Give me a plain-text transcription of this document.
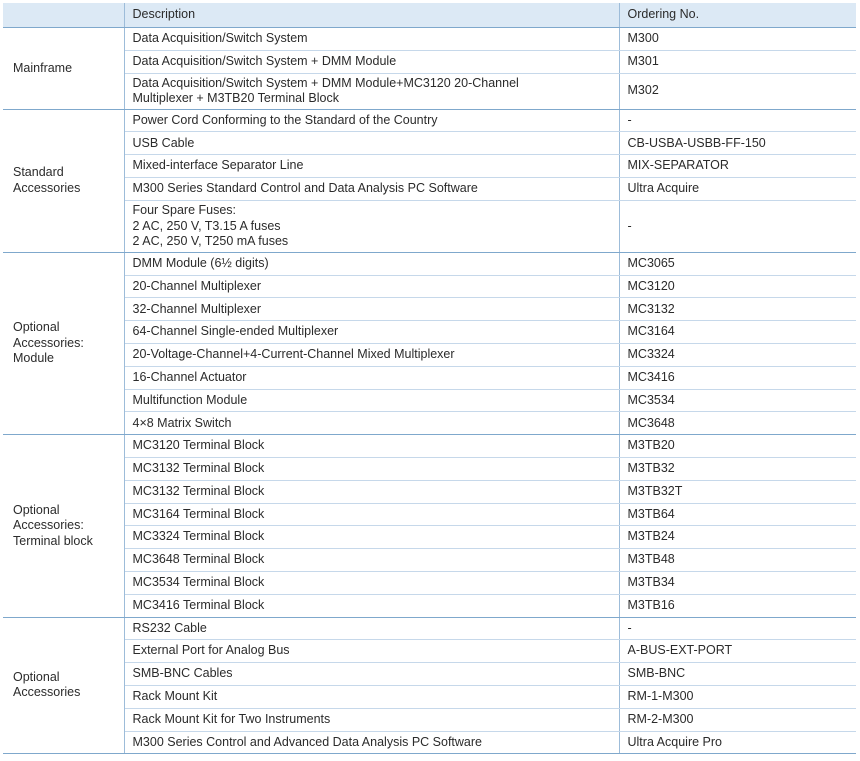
	Description	Ordering No.
Mainframe	Data Acquisition/Switch System	M300
	Data Acquisition/Switch System + DMM Module	M301
	Data Acquisition/Switch System + DMM Module+MC3120 20-Channel
Multiplexer + M3TB20 Terminal Block	M302
Standard
Accessories	Power Cord Conforming to the Standard of the Country	-
	USB Cable	CB-USBA-USBB-FF-150
	Mixed-interface Separator Line	MIX-SEPARATOR
	M300 Series Standard Control and Data Analysis PC Software	Ultra Acquire
	Four Spare Fuses:
2 AC, 250 V, T3.15 A fuses
2 AC, 250 V, T250 mA fuses	-
Optional
Accessories:
Module	DMM Module (6½ digits)	MC3065
	20-Channel Multiplexer	MC3120
	32-Channel Multiplexer	MC3132
	64-Channel Single-ended Multiplexer	MC3164
	20-Voltage-Channel+4-Current-Channel Mixed Multiplexer	MC3324
	16-Channel Actuator	MC3416
	Multifunction Module	MC3534
	4×8 Matrix Switch	MC3648
Optional
Accessories:
Terminal block	MC3120 Terminal Block	M3TB20
	MC3132 Terminal Block	M3TB32
	MC3132 Terminal Block	M3TB32T
	MC3164 Terminal Block	M3TB64
	MC3324 Terminal Block	M3TB24
	MC3648 Terminal Block	M3TB48
	MC3534 Terminal Block	M3TB34
	MC3416 Terminal Block	M3TB16
Optional
Accessories	RS232 Cable	-
	External Port for Analog Bus	A-BUS-EXT-PORT
	SMB-BNC Cables	SMB-BNC
	Rack Mount Kit	RM-1-M300
	Rack Mount Kit for Two Instruments	RM-2-M300
	M300 Series Control and Advanced Data Analysis PC Software	Ultra Acquire Pro
